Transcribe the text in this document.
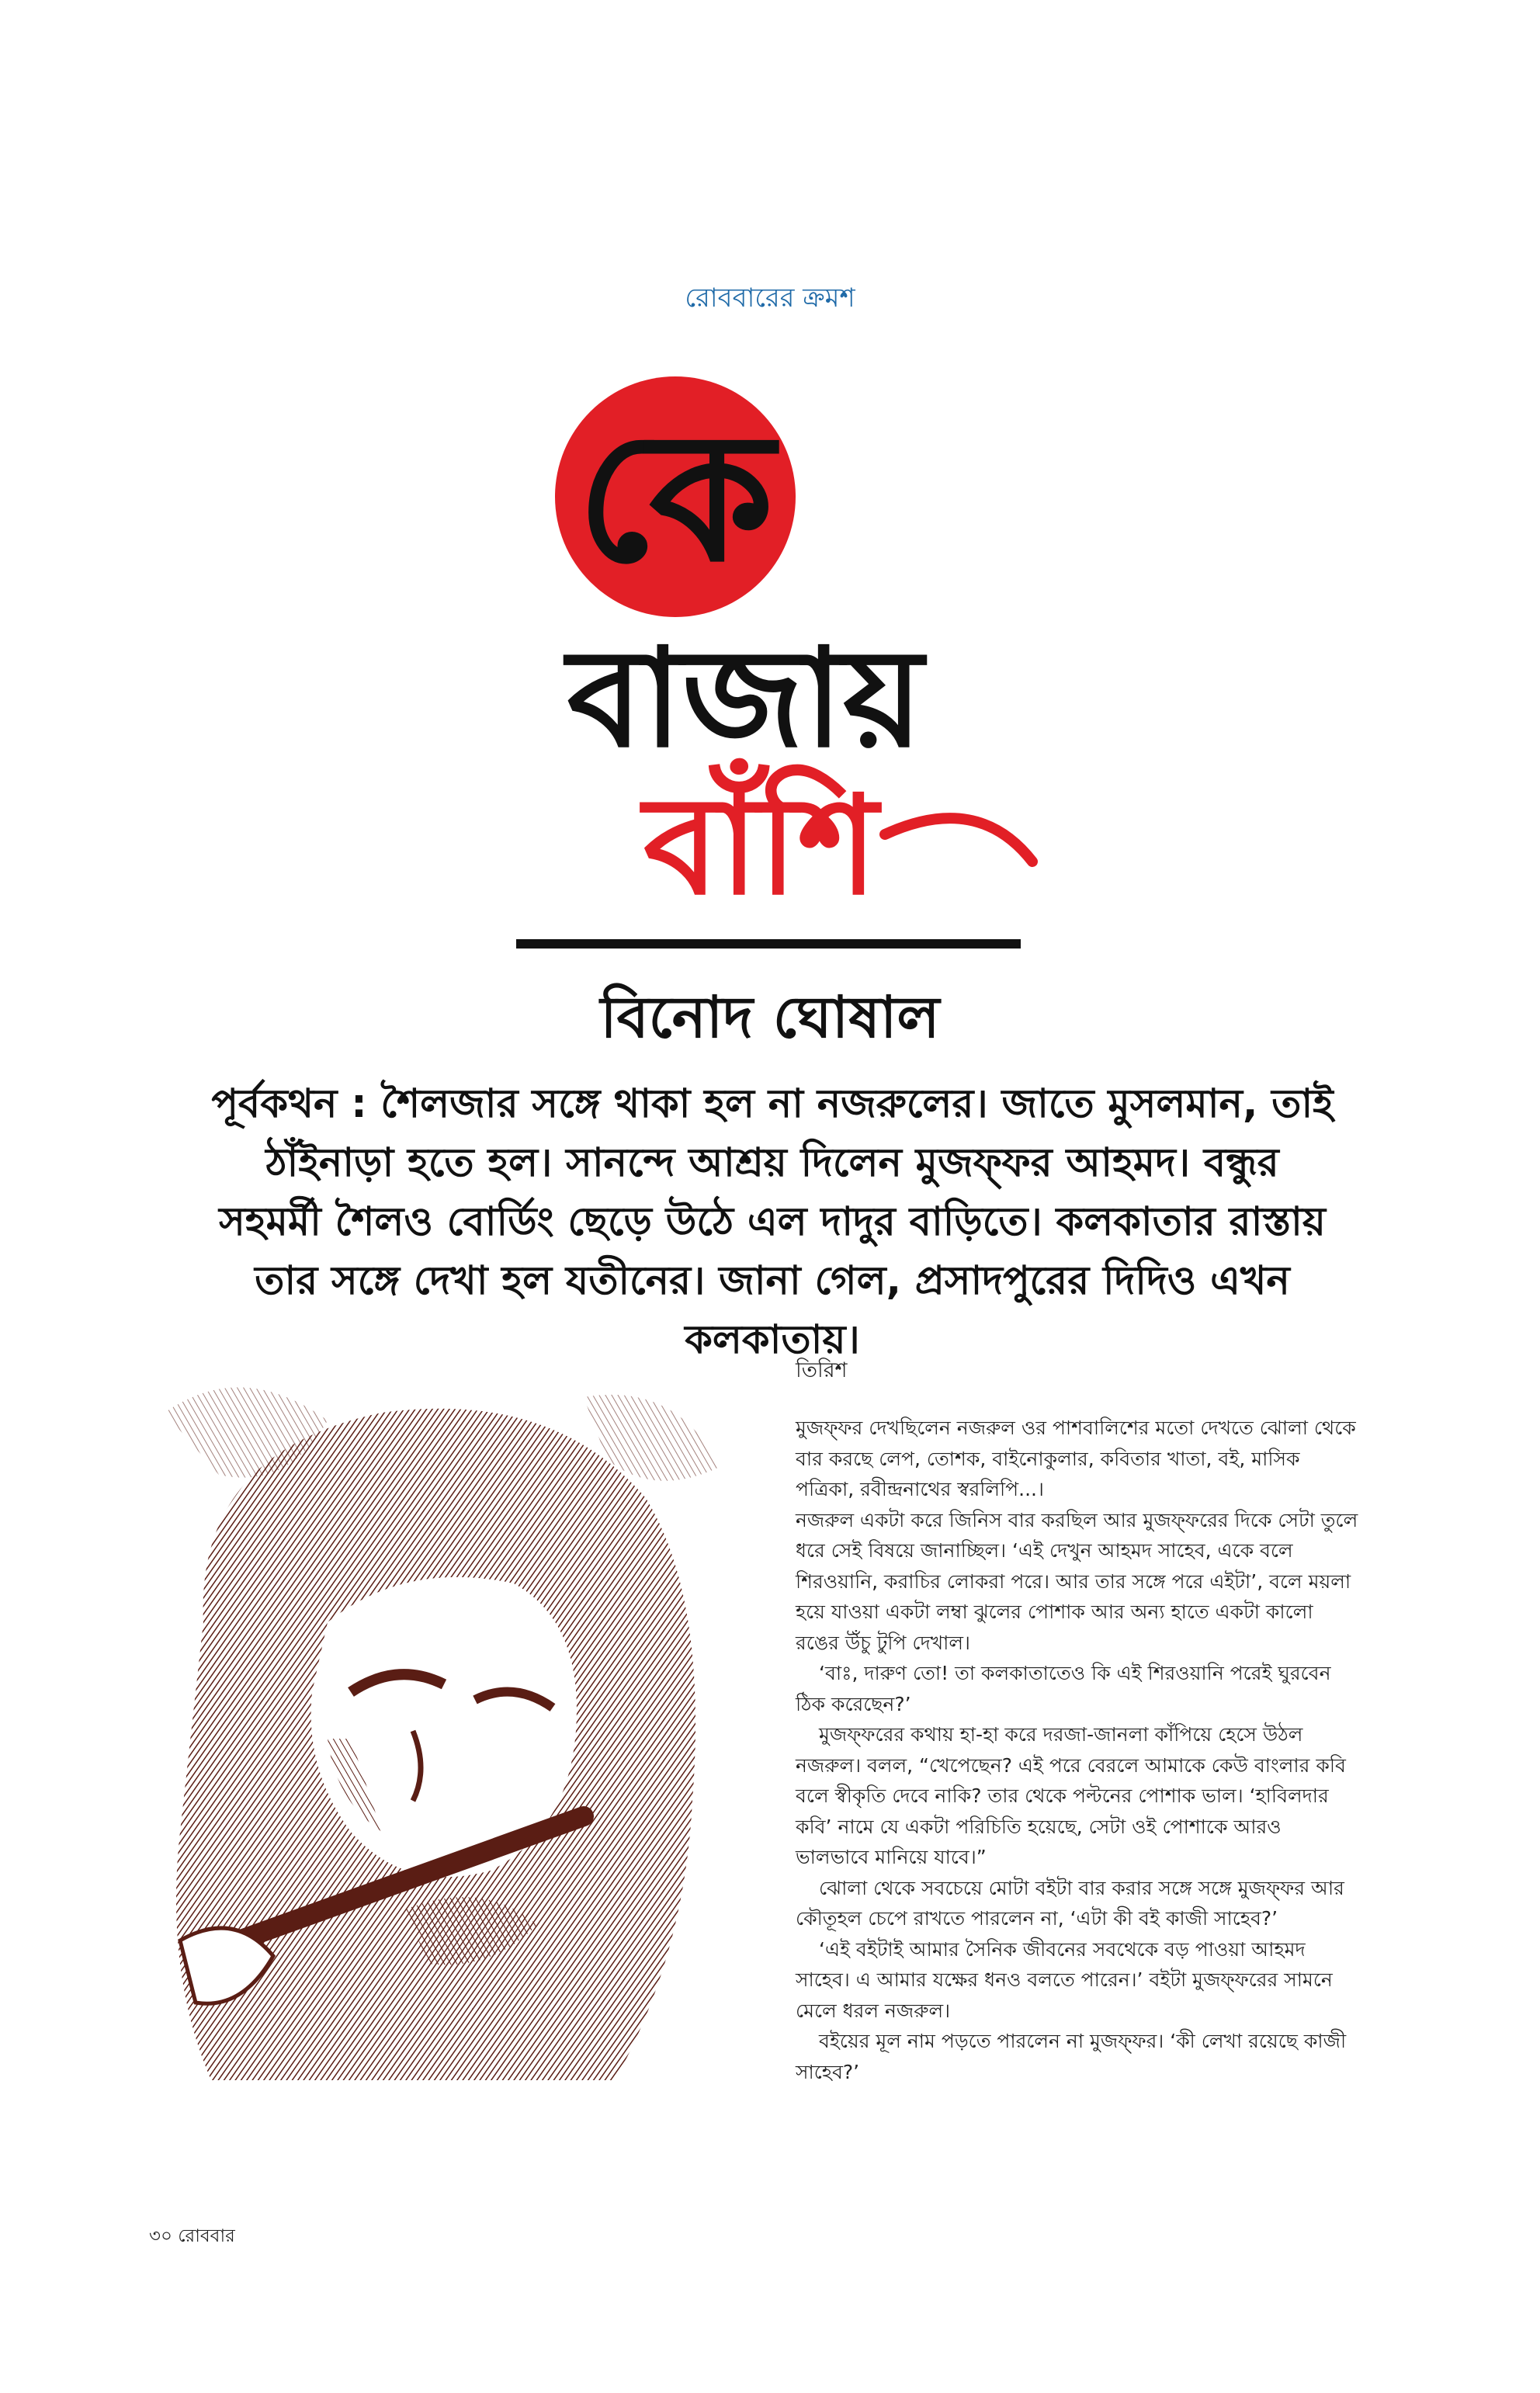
রোববারের ক্রমশ
কে
বাজায়
বাঁশি
বিনোদ ঘোষাল
পূর্বকথন : শৈলজার সঙ্গে থাকা হল না নজরুলের। জাতে মুসলমান, তাই ঠাঁইনাড়া হতে হল। সানন্দে আশ্রয় দিলেন মুজফ্‌ফর আহমদ। বন্ধুর সহমর্মী শৈলও বোর্ডিং ছেড়ে উঠে এল দাদুর বাড়িতে। কলকাতার রাস্তায় তার সঙ্গে দেখা হল যতীনের। জানা গেল, প্রসাদপুরের দিদিও এখন কলকাতায়।
তিরিশ

মুজফ্‌ফর দেখছিলেন নজরুল ওর পাশবালিশের মতো দেখতে ঝোলা থেকে বার করছে লেপ, তোশক, বাইনোকুলার, কবিতার খাতা, বই, মাসিক পত্রিকা, রবীন্দ্রনাথের স্বরলিপি...।

নজরুল একটা করে জিনিস বার করছিল আর মুজফ্‌ফরের দিকে সেটা তুলে ধরে সেই বিষয়ে জানাচ্ছিল। ‘এই দেখুন আহমদ সাহেব, একে বলে শিরওয়ানি, করাচির লোকরা পরে। আর তার সঙ্গে পরে এইটা’, বলে ময়লা হয়ে যাওয়া একটা লম্বা ঝুলের পোশাক আর অন্য হাতে একটা কালো রঙের উঁচু টুপি দেখাল।

‘বাঃ, দারুণ তো! তা কলকাতাতেও কি এই শিরওয়ানি পরেই ঘুরবেন ঠিক করেছেন?’

মুজফ্‌ফরের কথায় হা-হা করে দরজা-জানলা কাঁপিয়ে হেসে উঠল নজরুল। বলল, “খেপেছেন? এই পরে বেরলে আমাকে কেউ বাংলার কবি বলে স্বীকৃতি দেবে নাকি? তার থেকে পল্টনের পোশাক ভাল। ‘হাবিলদার কবি’ নামে যে একটা পরিচিতি হয়েছে, সেটা ওই পোশাকে আরও ভালভাবে মানিয়ে যাবে।”

ঝোলা থেকে সবচেয়ে মোটা বইটা বার করার সঙ্গে সঙ্গে মুজফ্‌ফর আর কৌতূহল চেপে রাখতে পারলেন না, ‘এটা কী বই কাজী সাহেব?’

‘এই বইটাই আমার সৈনিক জীবনের সবথেকে বড় পাওয়া আহমদ সাহেব। এ আমার যক্ষের ধনও বলতে পারেন।’ বইটা মুজফ্‌ফরের সামনে মেলে ধরল নজরুল।

বইয়ের মূল নাম পড়তে পারলেন না মুজফ্‌ফর। ‘কী লেখা রয়েছে কাজী সাহেব?’

৩০ রোববার
